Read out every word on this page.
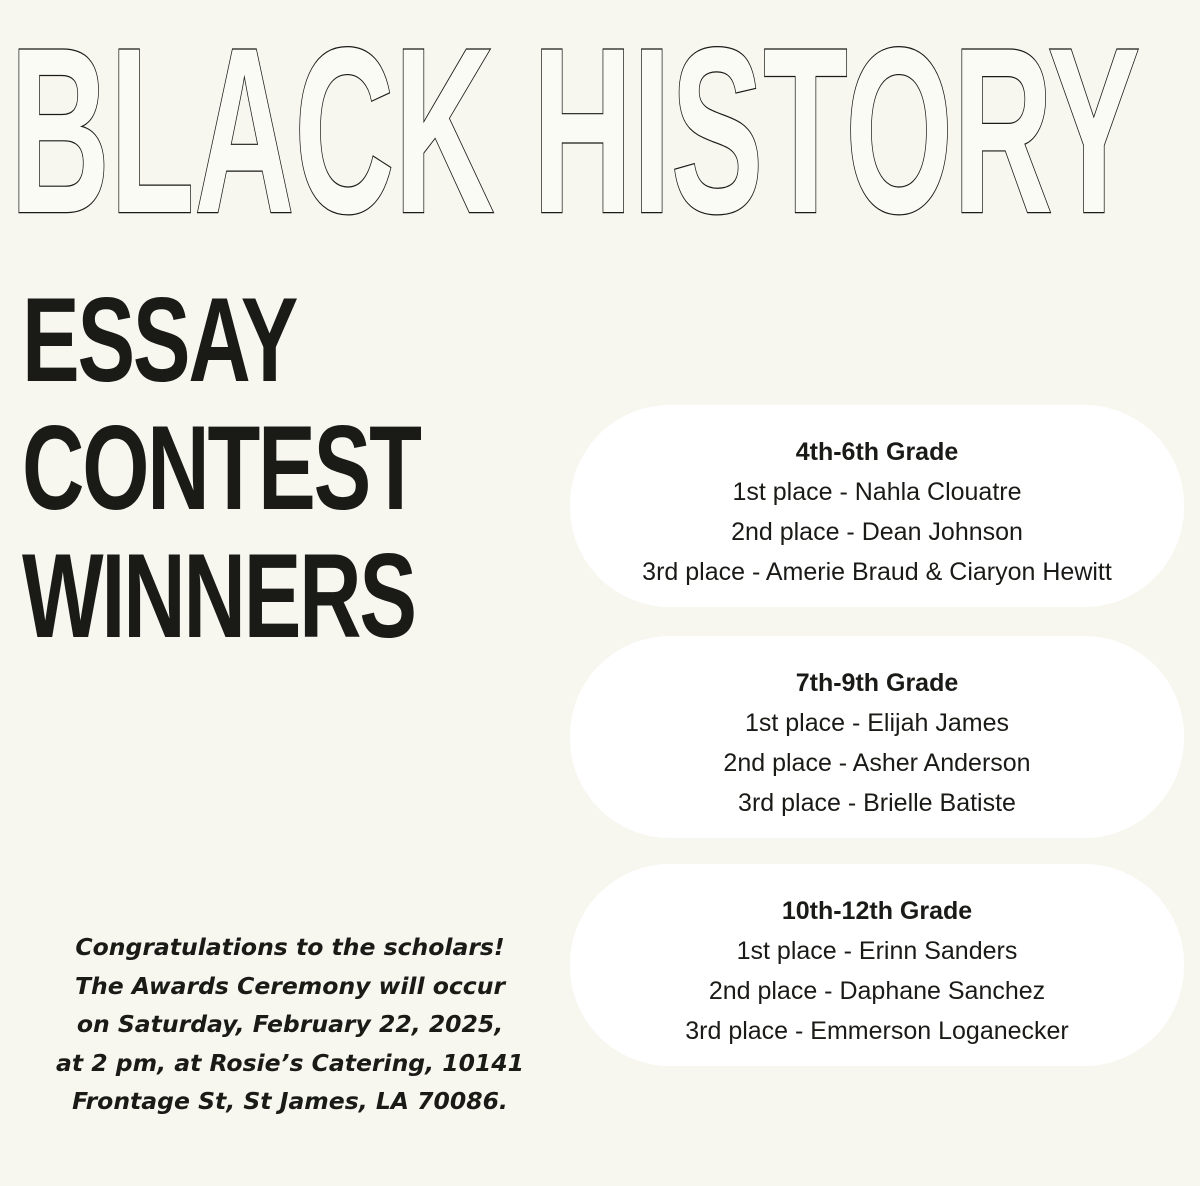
BLACK HISTORY
ESSAY
CONTEST
WINNERS
Congratulations to the scholars!
The Awards Ceremony will occur
on Saturday, February 22, 2025,
at 2 pm, at Rosie’s Catering, 10141
Frontage St, St James, LA 70086.

4th-6th Grade

1st place - Nahla Clouatre

2nd place - Dean Johnson

3rd place - Amerie Braud & Ciaryon Hewitt

7th-9th Grade

1st place - Elijah James

2nd place - Asher Anderson

3rd place - Brielle Batiste

10th-12th Grade

1st place - Erinn Sanders

2nd place - Daphane Sanchez

3rd place - Emmerson Loganecker
